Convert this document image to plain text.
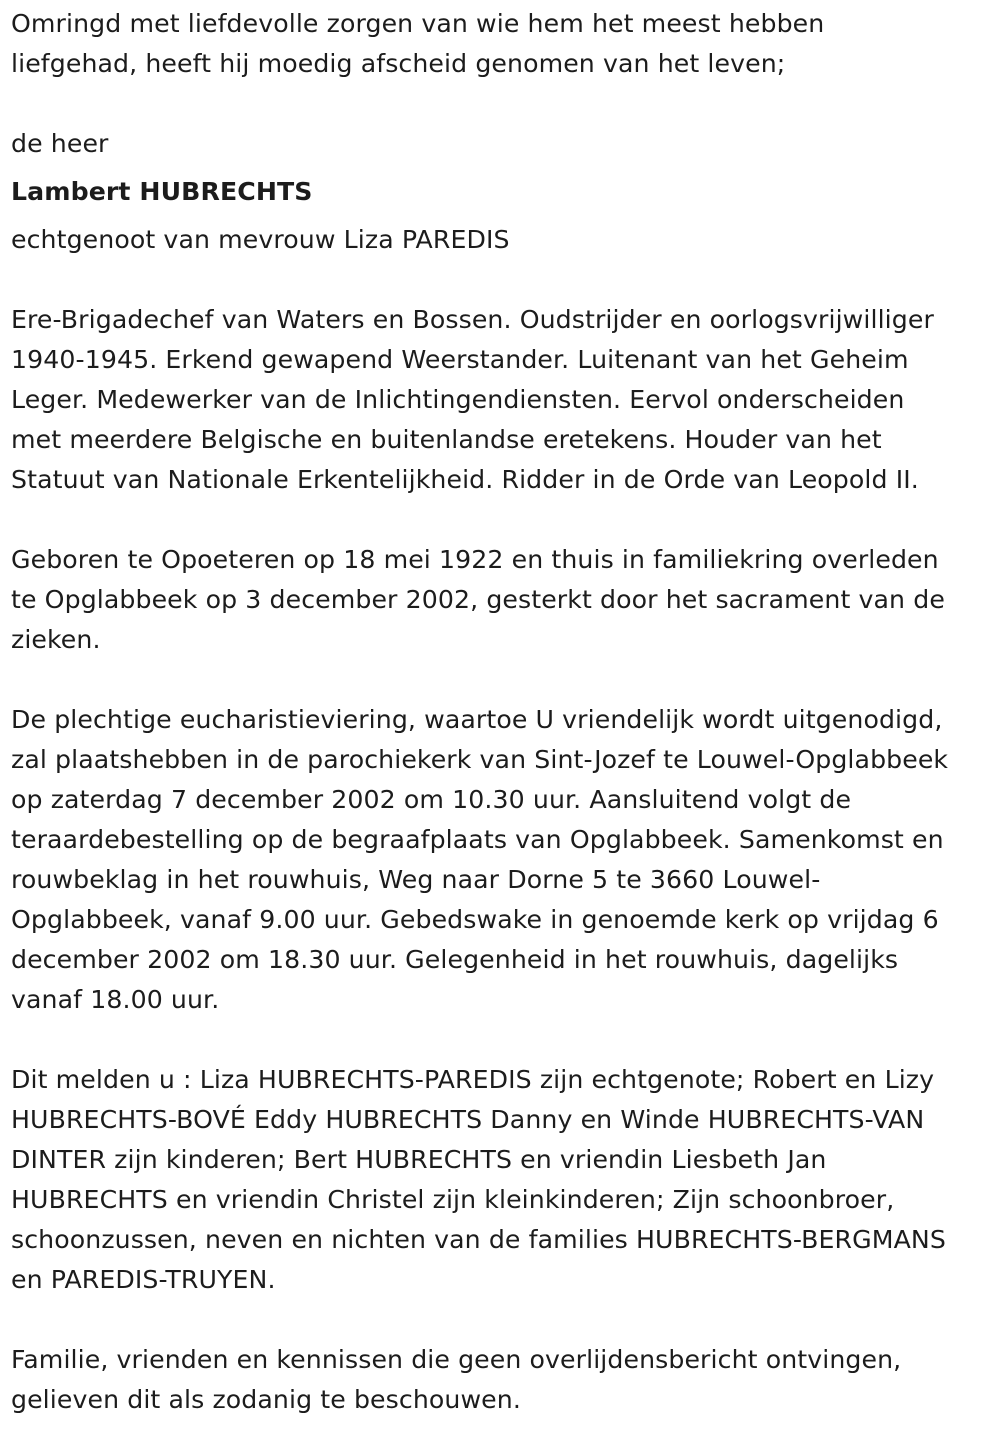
Omringd met liefdevolle zorgen van wie hem het meest hebben
liefgehad, heeft hij moedig afscheid genomen van het leven;

de heer

Lambert HUBRECHTS

echtgenoot van mevrouw Liza PAREDIS

Ere-Brigadechef van Waters en Bossen. Oudstrijder en oorlogsvrijwilliger
1940-1945. Erkend gewapend Weerstander. Luitenant van het Geheim
Leger. Medewerker van de Inlichtingendiensten. Eervol onderscheiden
met meerdere Belgische en buitenlandse eretekens. Houder van het
Statuut van Nationale Erkentelijkheid. Ridder in de Orde van Leopold II.

Geboren te Opoeteren op 18 mei 1922 en thuis in familiekring overleden
te Opglabbeek op 3 december 2002, gesterkt door het sacrament van de
zieken.

De plechtige eucharistieviering, waartoe U vriendelijk wordt uitgenodigd,
zal plaatshebben in de parochiekerk van Sint-Jozef te Louwel-Opglabbeek
op zaterdag 7 december 2002 om 10.30 uur. Aansluitend volgt de
teraardebestelling op de begraafplaats van Opglabbeek. Samenkomst en
rouwbeklag in het rouwhuis, Weg naar Dorne 5 te 3660 Louwel-
Opglabbeek, vanaf 9.00 uur. Gebedswake in genoemde kerk op vrijdag 6
december 2002 om 18.30 uur. Gelegenheid in het rouwhuis, dagelijks
vanaf 18.00 uur.

Dit melden u : Liza HUBRECHTS-PAREDIS zijn echtgenote; Robert en Lizy
HUBRECHTS-BOVÉ Eddy HUBRECHTS Danny en Winde HUBRECHTS-VAN
DINTER zijn kinderen; Bert HUBRECHTS en vriendin Liesbeth Jan
HUBRECHTS en vriendin Christel zijn kleinkinderen; Zijn schoonbroer,
schoonzussen, neven en nichten van de families HUBRECHTS-BERGMANS
en PAREDIS-TRUYEN.

Familie, vrienden en kennissen die geen overlijdensbericht ontvingen,
gelieven dit als zodanig te beschouwen.
